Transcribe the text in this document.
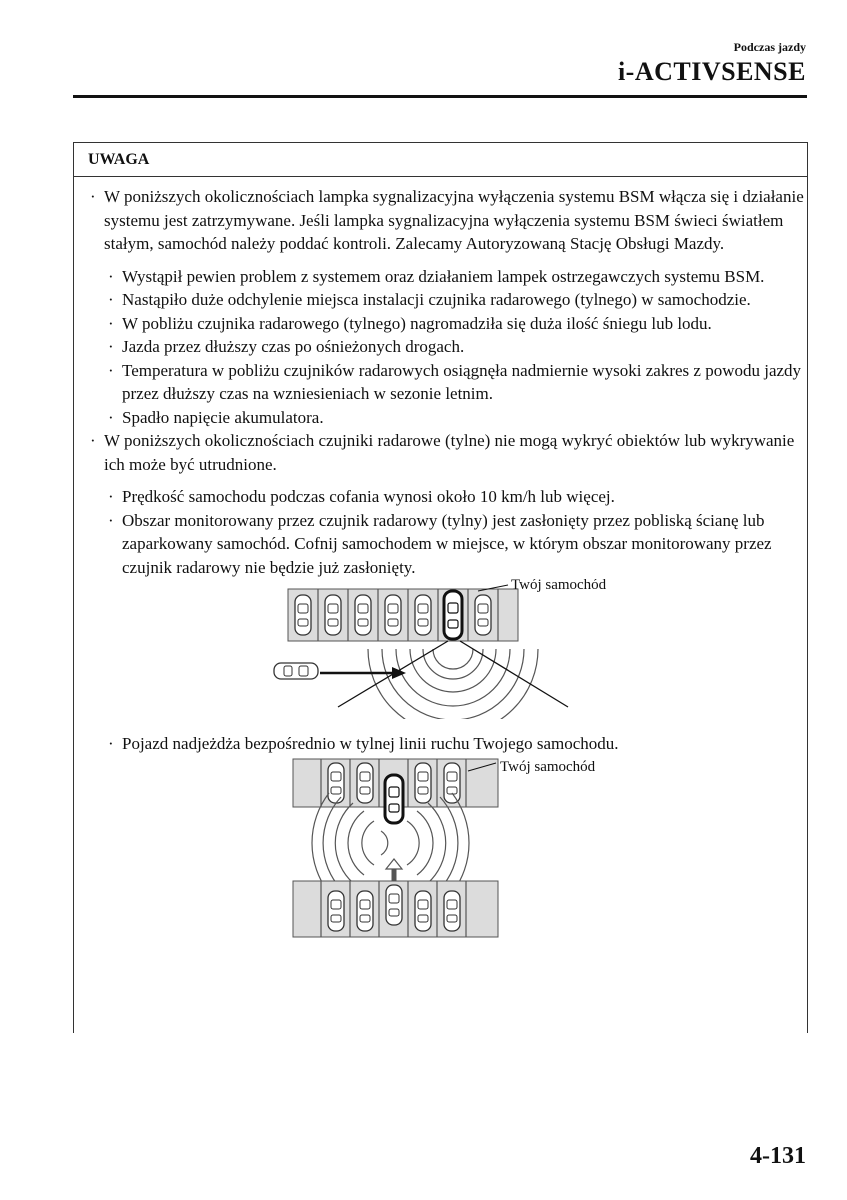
Podczas jazdy
i-ACTIVSENSE
UWAGA

· W poniższych okolicznościach lampka sygnalizacyjna wyłączenia systemu BSM włącza się i działanie systemu jest zatrzymywane. Jeśli lampka sygnalizacyjna wyłączenia systemu BSM świeci światłem stałym, samochód należy poddać kontroli. Zalecamy Autoryzowaną Stację Obsługi Mazdy.

· Wystąpił pewien problem z systemem oraz działaniem lampek ostrzegawczych systemu BSM.

· Nastąpiło duże odchylenie miejsca instalacji czujnika radarowego (tylnego) w samochodzie.

· W pobliżu czujnika radarowego (tylnego) nagromadziła się duża ilość śniegu lub lodu.

· Jazda przez dłuższy czas po ośnieżonych drogach.

· Temperatura w pobliżu czujników radarowych osiągnęła nadmiernie wysoki zakres z powodu jazdy przez dłuższy czas na wzniesieniach w sezonie letnim.

· Spadło napięcie akumulatora.

· W poniższych okolicznościach czujniki radarowe (tylne) nie mogą wykryć obiektów lub wykrywanie ich może być utrudnione.

· Prędkość samochodu podczas cofania wynosi około 10 km/h lub więcej.

· Obszar monitorowany przez czujnik radarowy (tylny) jest zasłonięty przez pobliską ścianę lub zaparkowany samochód. Cofnij samochodem w miejsce, w którym obszar monitorowany przez czujnik radarowy nie będzie już zasłonięty.

Twój samochód

· Pojazd nadjeżdża bezpośrednio w tylnej linii ruchu Twojego samochodu.

Twój samochód
4-131
